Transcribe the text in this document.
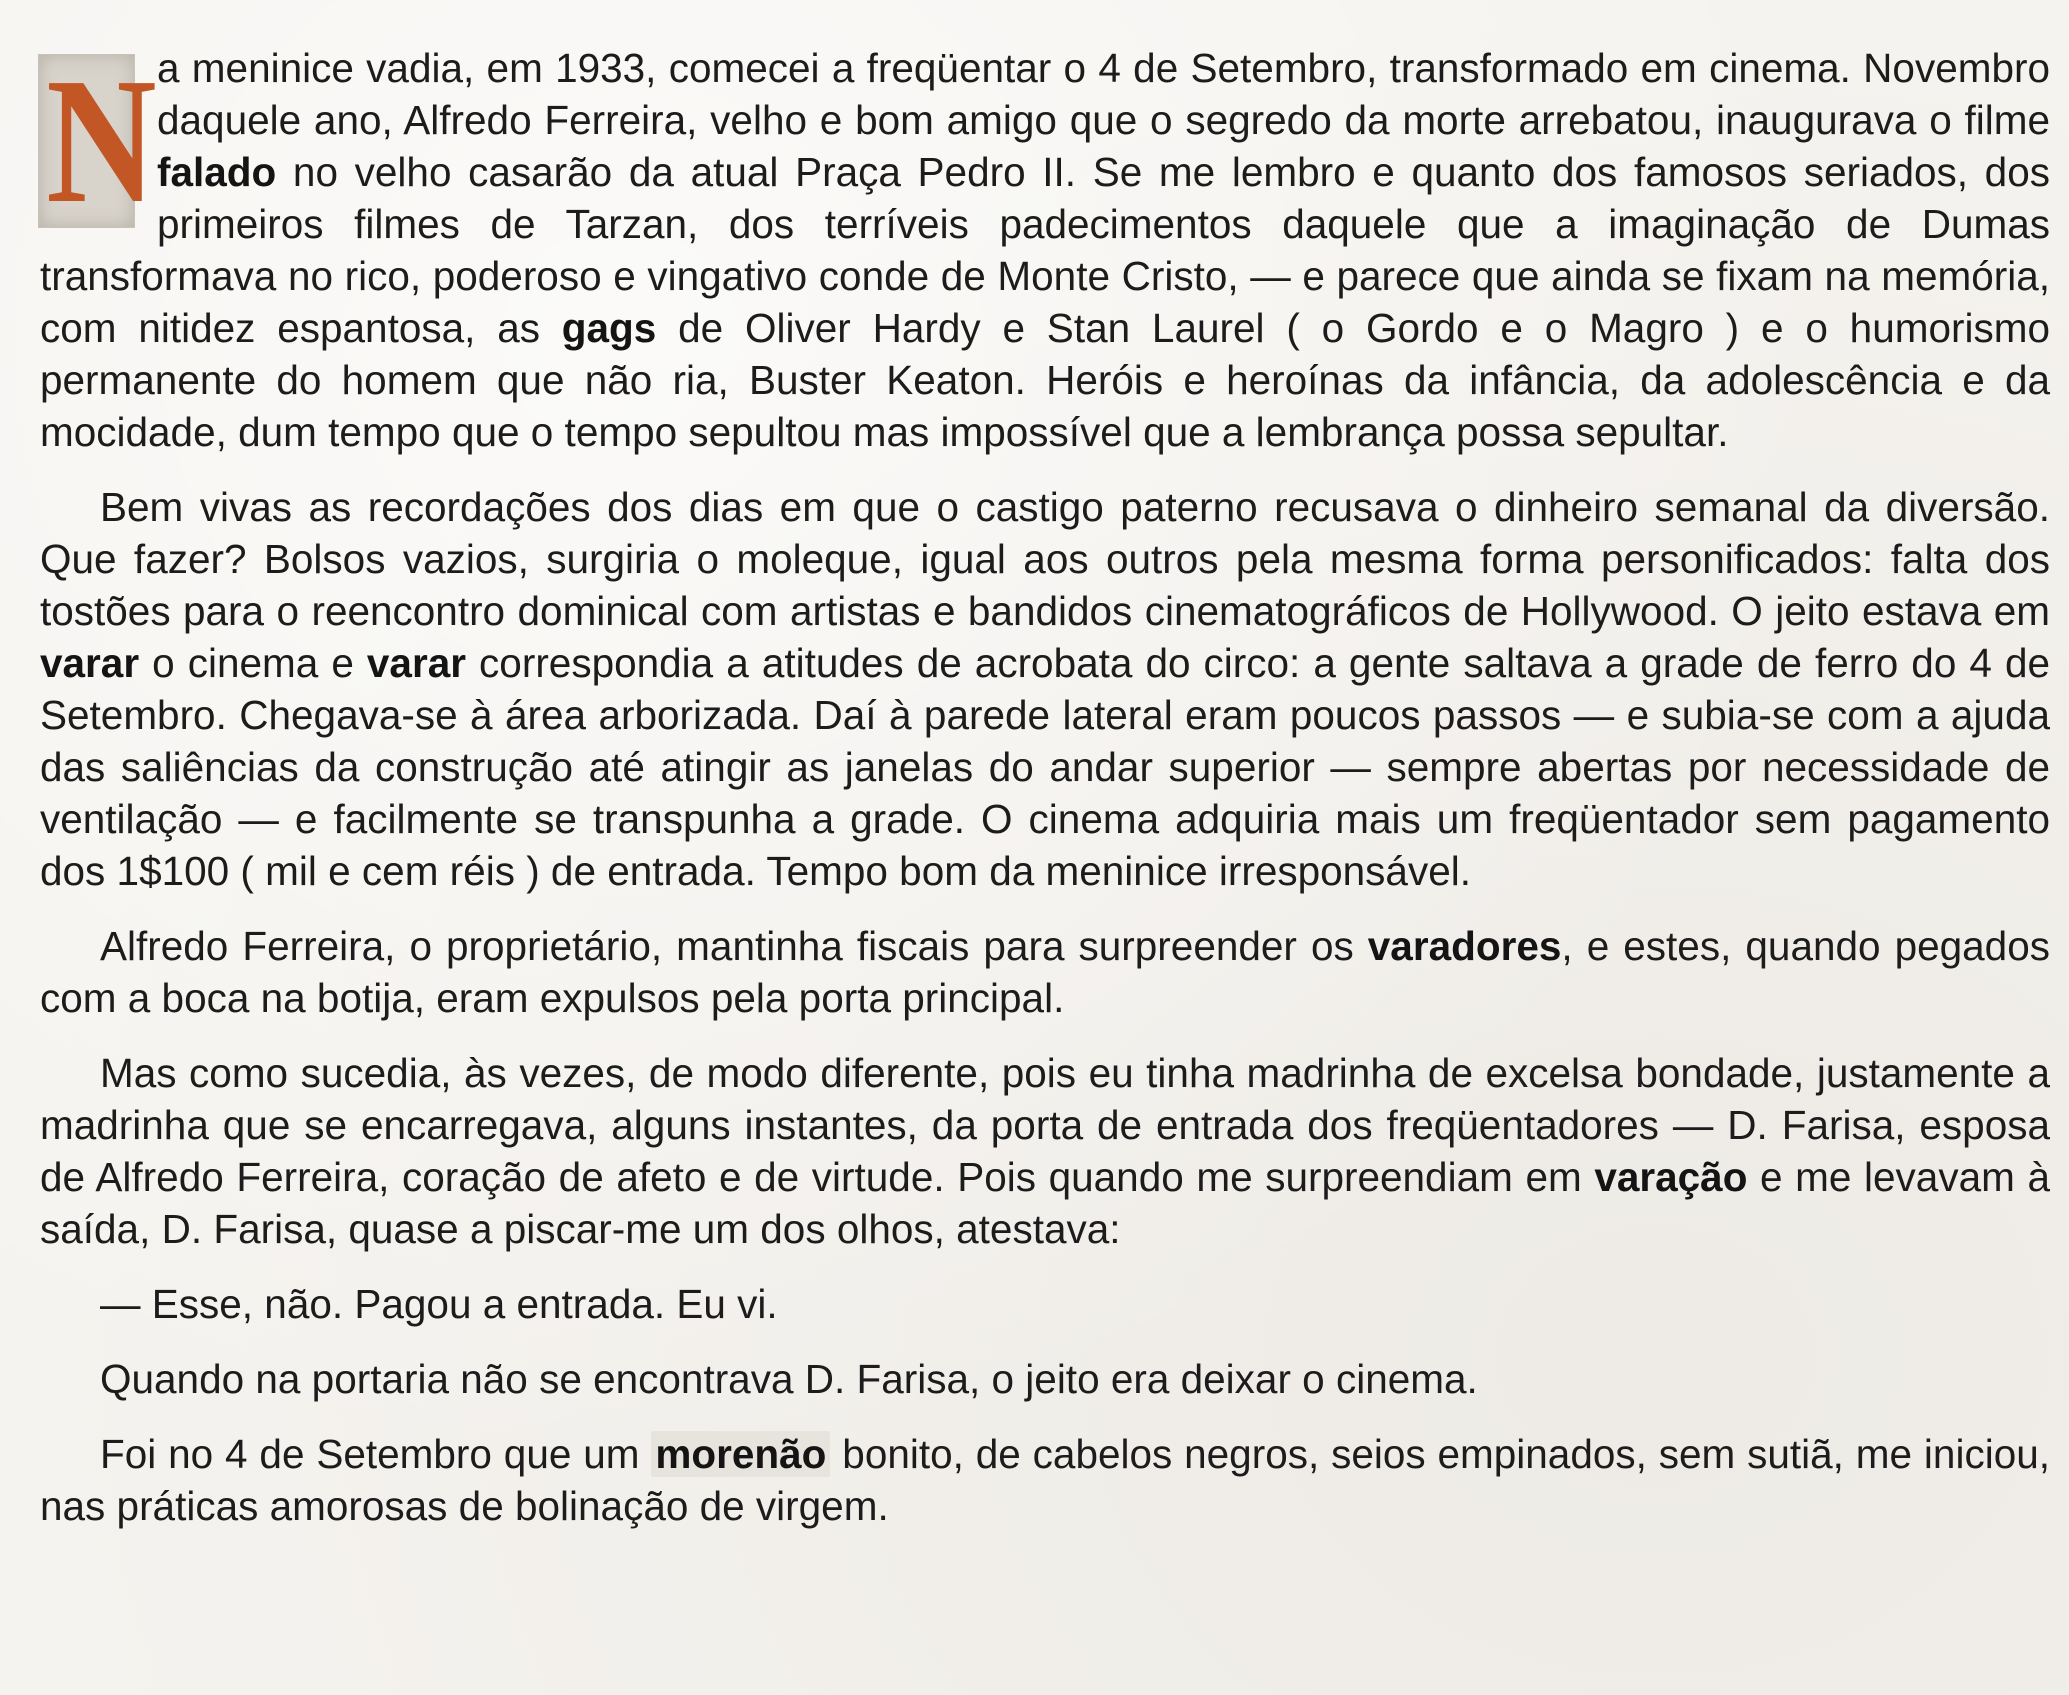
N a meninice vadia, em 1933, comecei a freqüentar o 4 de Setembro, transformado em cinema. Novembro daquele ano, Alfredo Ferreira, velho e bom amigo que o segredo da morte arrebatou, inaugurava o filme falado no velho casarão da atual Praça Pedro II. Se me lembro e quanto dos famosos seriados, dos primeiros filmes de Tarzan, dos terríveis padecimentos daquele que a imaginação de Dumas transformava no rico, poderoso e vingativo conde de Monte Cristo, — e parece que ainda se fixam na memória, com nitidez espantosa, as gags de Oliver Hardy e Stan Laurel ( o Gordo e o Magro ) e o humorismo permanente do homem que não ria, Buster Keaton. Heróis e heroínas da infância, da adolescência e da mocidade, dum tempo que o tempo sepultou mas impossível que a lembrança possa sepultar.

Bem vivas as recordações dos dias em que o castigo paterno recusava o dinheiro semanal da diversão. Que fazer? Bolsos vazios, surgiria o moleque, igual aos outros pela mesma forma personificados: falta dos tostões para o reencontro dominical com artistas e bandidos cinematográficos de Hollywood. O jeito estava em varar o cinema e varar correspondia a atitudes de acrobata do circo: a gente saltava a grade de ferro do 4 de Setembro. Chegava-se à área arborizada. Daí à parede lateral eram poucos passos — e subia-se com a ajuda das saliências da construção até atingir as janelas do andar superior — sempre abertas por necessidade de ventilação — e facilmente se transpunha a grade. O cinema adquiria mais um freqüentador sem pagamento dos 1$100 ( mil e cem réis ) de entrada. Tempo bom da meninice irresponsável.

Alfredo Ferreira, o proprietário, mantinha fiscais para surpreender os varadores, e estes, quando pegados com a boca na botija, eram expulsos pela porta principal.

Mas como sucedia, às vezes, de modo diferente, pois eu tinha madrinha de excelsa bondade, justamente a madrinha que se encarregava, alguns instantes, da porta de entrada dos freqüentadores — D. Farisa, esposa de Alfredo Ferreira, coração de afeto e de virtude. Pois quando me surpreendiam em varação e me levavam à saída, D. Farisa, quase a piscar-me um dos olhos, atestava:

— Esse, não. Pagou a entrada. Eu vi.

Quando na portaria não se encontrava D. Farisa, o jeito era deixar o cinema.

Foi no 4 de Setembro que um morenão bonito, de cabelos negros, seios empinados, sem sutiã, me iniciou, nas práticas amorosas de bolinação de virgem.
